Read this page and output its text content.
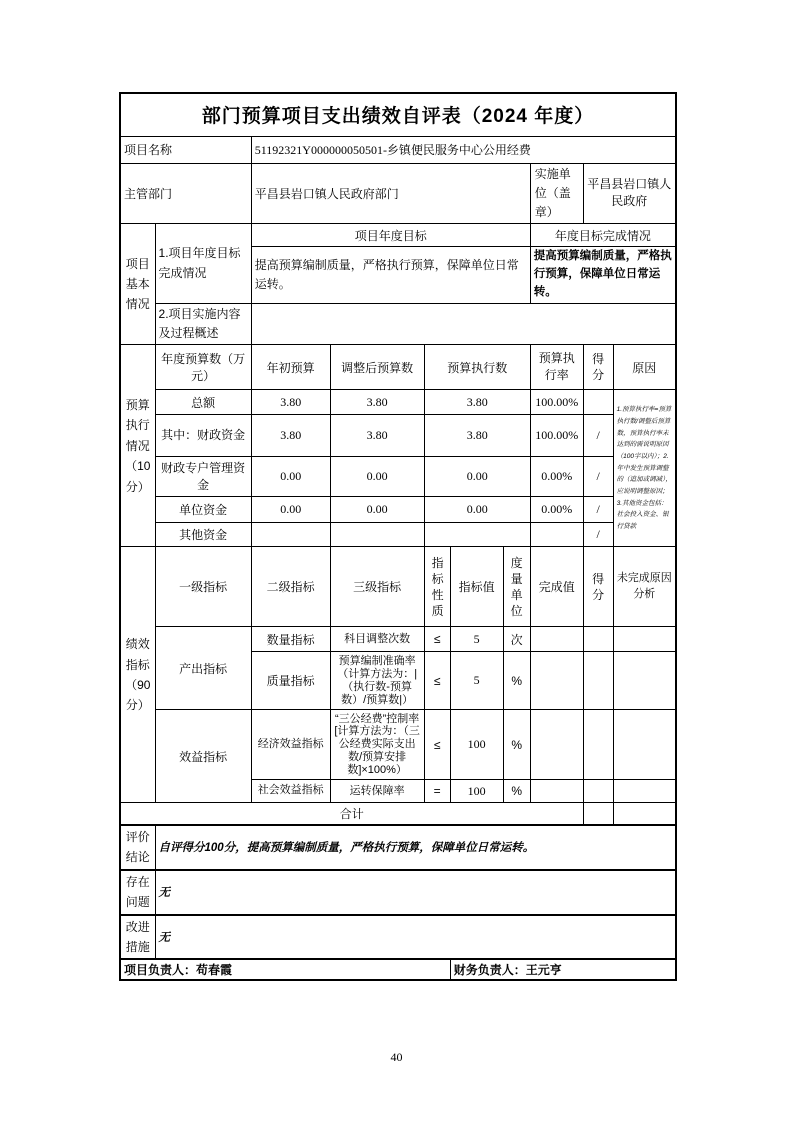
部门预算项目支出绩效自评表（2024 年度）									
项目名称		51192321Y000000050501-乡镇便民服务中心公用经费							
主管部门		平昌县岩口镇人民政府部门					实施单位（盖章）	平昌县岩口镇人民政府	
项目基本情况	1.项目年度目标完成情况	项目年度目标					年度目标完成情况		
		提高预算编制质量，严格执行预算，保障单位日常运转。					提高预算编制质量，严格执行预算，保障单位日常运转。		
	2.项目实施内容及过程概述								
预算执行情况（10分）	年度预算数（万元）	年初预算	调整后预算数	预算执行数			预算执行率	得分	原因
	总额	3.80	3.80	3.80			100.00%		1.预算执行率=预算执行数/调整后预算数，预算执行率未达到的需说明原因（100字以内）；2.年中发生预算调整的（追加或调减），应说明调整原因；3.其他资金包括：社会投入资金、银行贷款
	其中：财政资金	3.80	3.80	3.80			100.00%	/	
	财政专户管理资金	0.00	0.00	0.00			0.00%	/	
	单位资金	0.00	0.00	0.00			0.00%	/	
	其他资金							/	
绩效指标（90分）	一级指标	二级指标	三级指标	指标性质	指标值	度量单位	完成值	得分	未完成原因分析
	产出指标	数量指标	科目调整次数	≤	5	次			
		质量指标	预算编制准确率（计算方法为：|（执行数-预算数）/预算数|）	≤	5	%			
	效益指标	经济效益指标	“三公经费”控制率[计算方法为：（三公经费实际支出数/预算安排数]×100%）	≤	100	%			
		社会效益指标	运转保障率	=	100	%			
合计									
评价结论	自评得分100分，提高预算编制质量，严格执行预算，保障单位日常运转。								
存在问题	无								
改进措施	无								
项目负责人：苟春霞					财务负责人：王元亨				
40
